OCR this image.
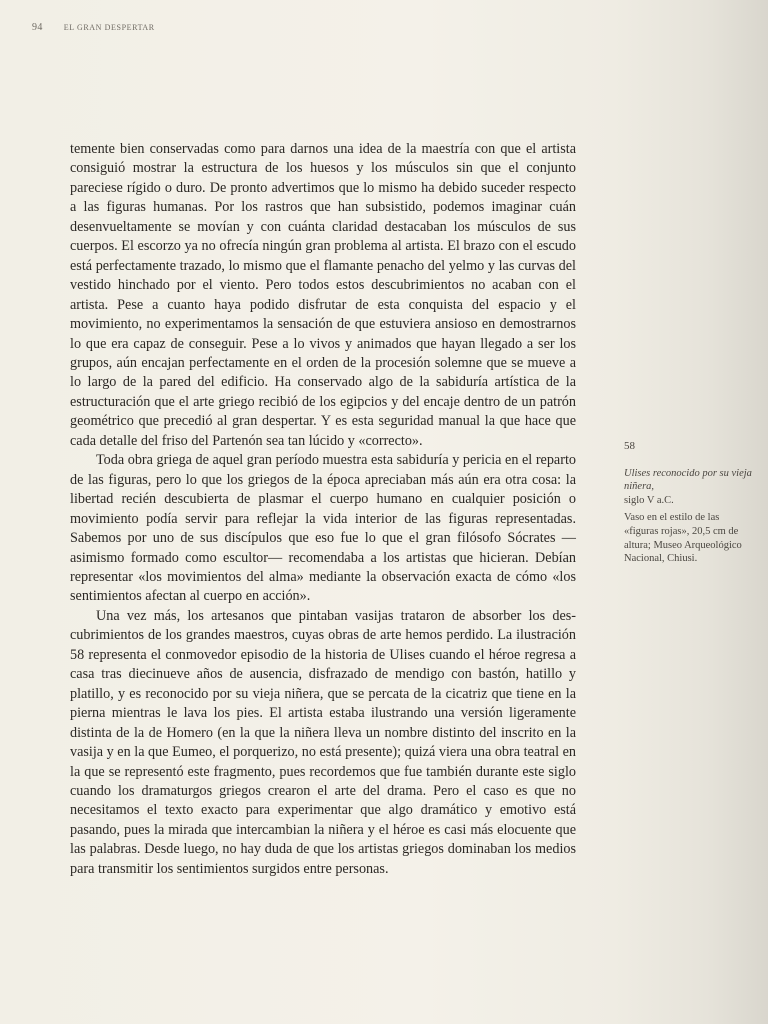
94	EL GRAN DESPERTAR

temente bien conservadas como para darnos una idea de la maestría con que el artista consiguió mostrar la estructura de los huesos y los músculos sin que el conjunto pareciese rígido o duro. De pronto advertimos que lo mismo ha debido suceder respecto a las figuras humanas. Por los rastros que han subsistido, podemos imaginar cuán desenvueltamente se movían y con cuánta claridad destacaban los músculos de sus cuerpos. El escorzo ya no ofrecía ningún gran problema al artista. El brazo con el escudo está perfectamente trazado, lo mismo que el flamante penacho del yelmo y las curvas del vestido hinchado por el viento. Pero todos estos descubrimientos no acaban con el artista. Pese a cuanto haya podido disfrutar de esta conquista del espacio y el movimiento, no experimentamos la sensación de que estuviera ansioso en demostrarnos lo que era capaz de conseguir. Pese a lo vivos y animados que hayan llegado a ser los grupos, aún encajan perfectamente en el orden de la procesión solemne que se mueve a lo largo de la pared del edificio. Ha conservado algo de la sabiduría artística de la estructuración que el arte griego recibió de los egipcios y del encaje dentro de un patrón geométrico que precedió al gran despertar. Y es esta seguridad manual la que hace que cada detalle del friso del Partenón sea tan lúcido y «correcto».

Toda obra griega de aquel gran período muestra esta sabiduría y pericia en el reparto de las figuras, pero lo que los griegos de la época apreciaban más aún era otra cosa: la libertad recién descubierta de plasmar el cuerpo humano en cualquier posición o movimiento podía servir para reflejar la vida interior de las figuras representadas. Sabemos por uno de sus discípulos que eso fue lo que el gran filósofo Sócrates —asimismo formado como escultor— recomendaba a los artistas que hicieran. Debían representar «los movimientos del alma» mediante la observación exacta de cómo «los sentimientos afectan al cuerpo en acción».

Una vez más, los artesanos que pintaban vasijas trataron de absorber los descubrimientos de los grandes maestros, cuyas obras de arte hemos perdido. La ilustración 58 representa el conmovedor episodio de la historia de Ulises cuando el héroe regresa a casa tras diecinueve años de ausencia, disfrazado de mendigo con bastón, hatillo y platillo, y es reconocido por su vieja niñera, que se percata de la cicatriz que tiene en la pierna mientras le lava los pies. El artista estaba ilustrando una versión ligeramente distinta de la de Homero (en la que la niñera lleva un nombre distinto del inscrito en la vasija y en la que Eumeo, el porquerizo, no está presente); quizá viera una obra teatral en la que se representó este fragmento, pues recordemos que fue también durante este siglo cuando los dramaturgos griegos crearon el arte del drama. Pero el caso es que no necesitamos el texto exacto para experimentar que algo dramático y emotivo está pasando, pues la mirada que intercambian la niñera y el héroe es casi más elocuente que las palabras. Desde luego, no hay duda de que los artistas griegos dominaban los medios para transmitir los sentimientos surgidos entre personas.

58
Ulises reconocido por su vieja niñera,
siglo V a.C.
Vaso en el estilo de las «figuras rojas», 20,5 cm de altura; Museo Arqueológico Nacional, Chiusi.
